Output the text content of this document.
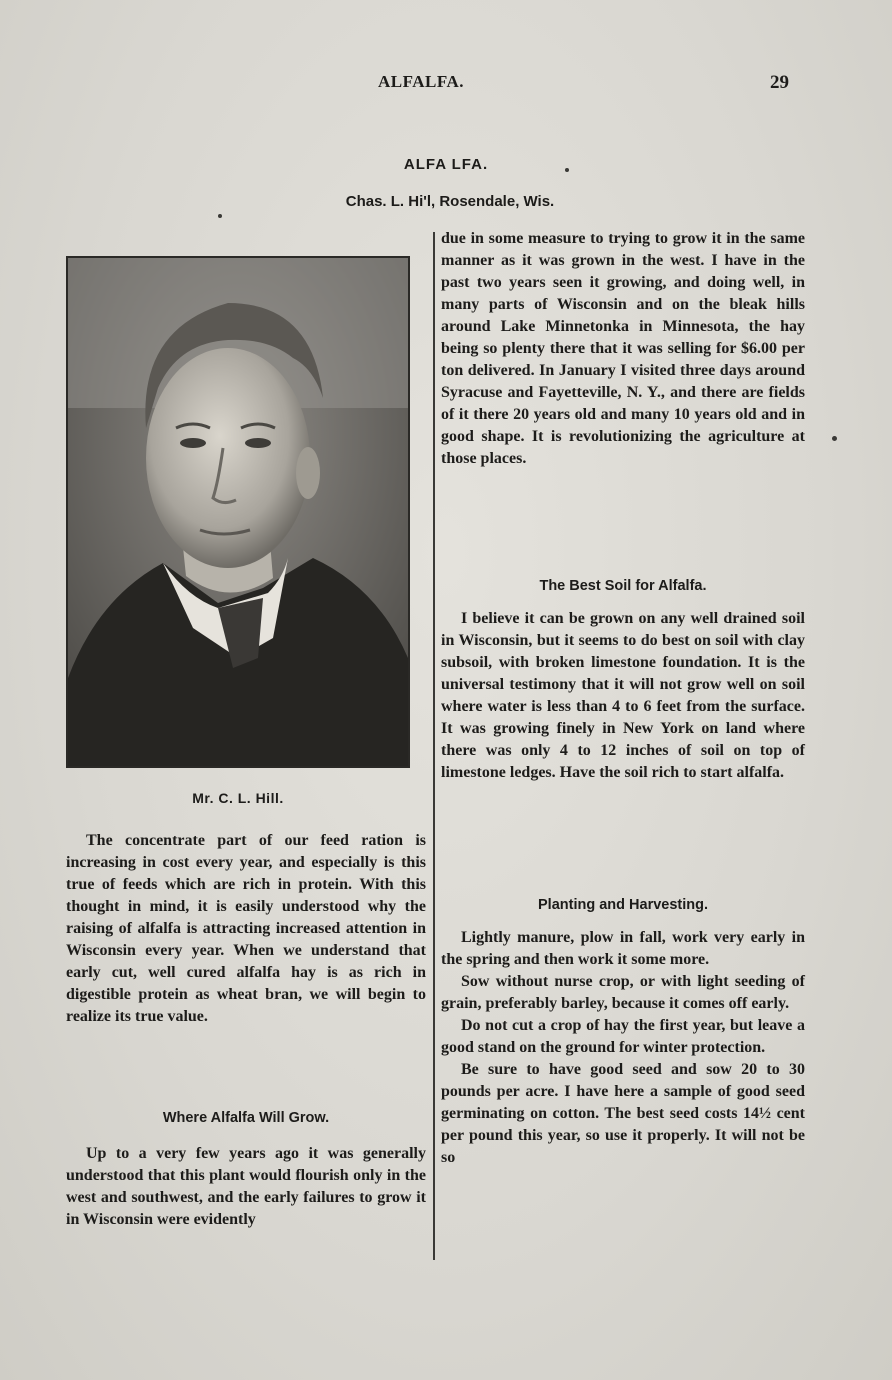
ALFALFA.	29
ALFA LFA.
Chas. L. Hi'l, Rosendale, Wis.
Mr. C. L. Hill.

The concentrate part of our feed ration is increasing in cost every year, and especially is this true of feeds which are rich in protein. With this thought in mind, it is easily understood why the raising of alfalfa is attracting increased attention in Wisconsin every year. When we understand that early cut, well cured alfalfa hay is as rich in digestible protein as wheat bran, we will begin to realize its true value.

Where Alfalfa Will Grow.

Up to a very few years ago it was generally understood that this plant would flourish only in the west and southwest, and the early failures to grow it in Wisconsin were evidently

due in some measure to trying to grow it in the same manner as it was grown in the west. I have in the past two years seen it growing, and doing well, in many parts of Wisconsin and on the bleak hills around Lake Minnetonka in Minnesota, the hay being so plenty there that it was selling for $6.00 per ton delivered. In January I visited three days around Syracuse and Fayetteville, N. Y., and there are fields of it there 20 years old and many 10 years old and in good shape. It is revolutionizing the agriculture at those places.

The Best Soil for Alfalfa.

I believe it can be grown on any well drained soil in Wisconsin, but it seems to do best on soil with clay subsoil, with broken limestone foundation. It is the universal testimony that it will not grow well on soil where water is less than 4 to 6 feet from the surface. It was growing finely in New York on land where there was only 4 to 12 inches of soil on top of limestone ledges. Have the soil rich to start alfalfa.

Planting and Harvesting.

Lightly manure, plow in fall, work very early in the spring and then work it some more.

Sow without nurse crop, or with light seeding of grain, preferably barley, because it comes off early.

Do not cut a crop of hay the first year, but leave a good stand on the ground for winter protection.

Be sure to have good seed and sow 20 to 30 pounds per acre. I have here a sample of good seed germinating on cotton. The best seed costs 14½ cent per pound this year, so use it properly. It will not be so
